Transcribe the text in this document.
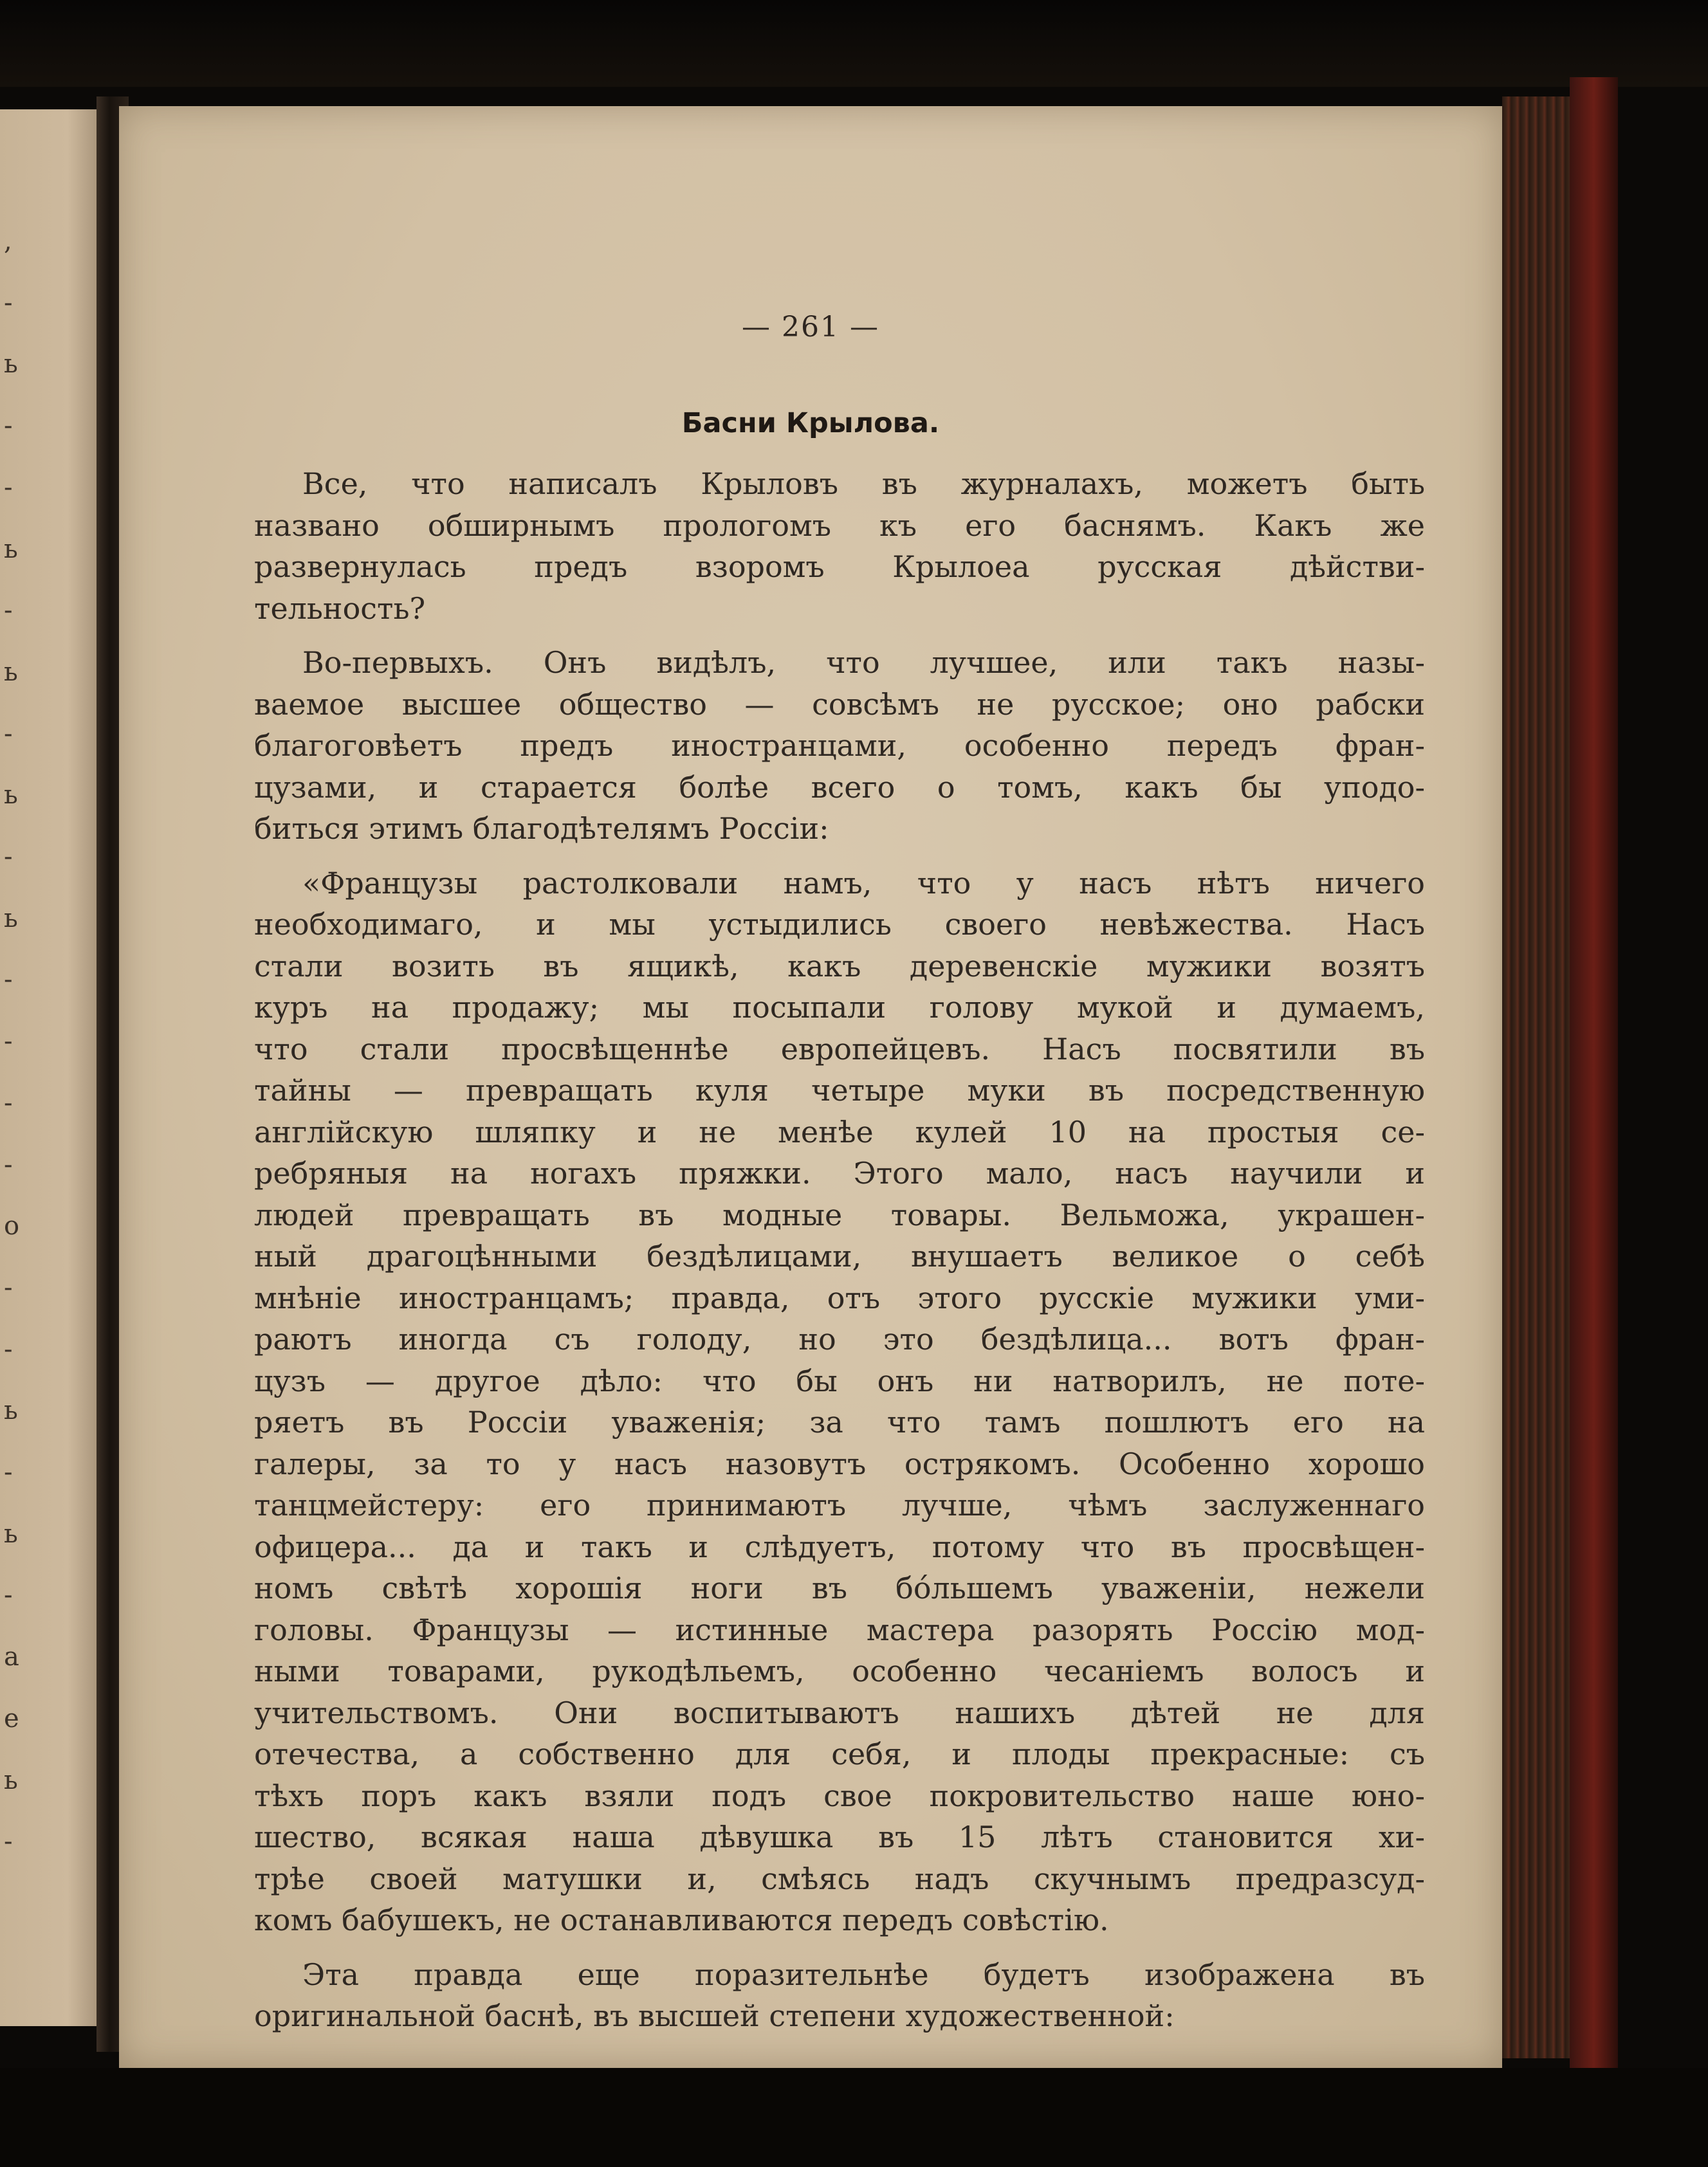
,
-
ь
-
-
ь
-
ь
-
ь
-
ь
-
-
-
-
о
-
-
ь
-
ь
-
а
е
ь
-
— 261 —
Басни Крылова.
Все, что написалъ Крыловъ въ журналахъ, можетъ быть
названо обширнымъ прологомъ къ его баснямъ. Какъ же
развернулась предъ взоромъ Крылоеа русская дѣйстви-
тельность?
Во-первыхъ. Онъ видѣлъ, что лучшее, или такъ назы-
ваемое высшее общество — совсѣмъ не русское; оно рабски
благоговѣетъ предъ иностранцами, особенно передъ фран-
цузами, и старается болѣе всего о томъ, какъ бы уподо-
биться этимъ благодѣтелямъ Россіи:
«Французы растолковали намъ, что у насъ нѣтъ ничего
необходимаго, и мы устыдились своего невѣжества. Насъ
стали возить въ ящикѣ, какъ деревенскіе мужики возятъ
куръ на продажу; мы посыпали голову мукой и думаемъ,
что стали просвѣщеннѣе европейцевъ. Насъ посвятили въ
тайны — превращать куля четыре муки въ посредственную
англійскую шляпку и не менѣе кулей 10 на простыя се-
ребряныя на ногахъ пряжки. Этого мало, насъ научили и
людей превращать въ модные товары. Вельможа, украшен-
ный драгоцѣнными бездѣлицами, внушаетъ великое о себѣ
мнѣніе иностранцамъ; правда, отъ этого русскіе мужики уми-
раютъ иногда съ голоду, но это бездѣлица... вотъ фран-
цузъ — другое дѣло: что бы онъ ни натворилъ, не поте-
ряетъ въ Россіи уваженія; за что тамъ пошлютъ его на
галеры, за то у насъ назовутъ острякомъ. Особенно хорошо
танцмейстеру: его принимаютъ лучше, чѣмъ заслуженнаго
офицера... да и такъ и слѣдуетъ, потому что въ просвѣщен-
номъ свѣтѣ хорошія ноги въ бо́льшемъ уваженіи, нежели
головы. Французы — истинные мастера разорять Россію мод-
ными товарами, рукодѣльемъ, особенно чесаніемъ волосъ и
учительствомъ. Они воспитываютъ нашихъ дѣтей не для
отечества, а собственно для себя, и плоды прекрасные: съ
тѣхъ поръ какъ взяли подъ свое покровительство наше юно-
шество, всякая наша дѣвушка въ 15 лѣтъ становится хи-
трѣе своей матушки и, смѣясь надъ скучнымъ предразсуд-
комъ бабушекъ, не останавливаются передъ совѣстію.
Эта правда еще поразительнѣе будетъ изображена въ
оригинальной баснѣ, въ высшей степени художественной:
